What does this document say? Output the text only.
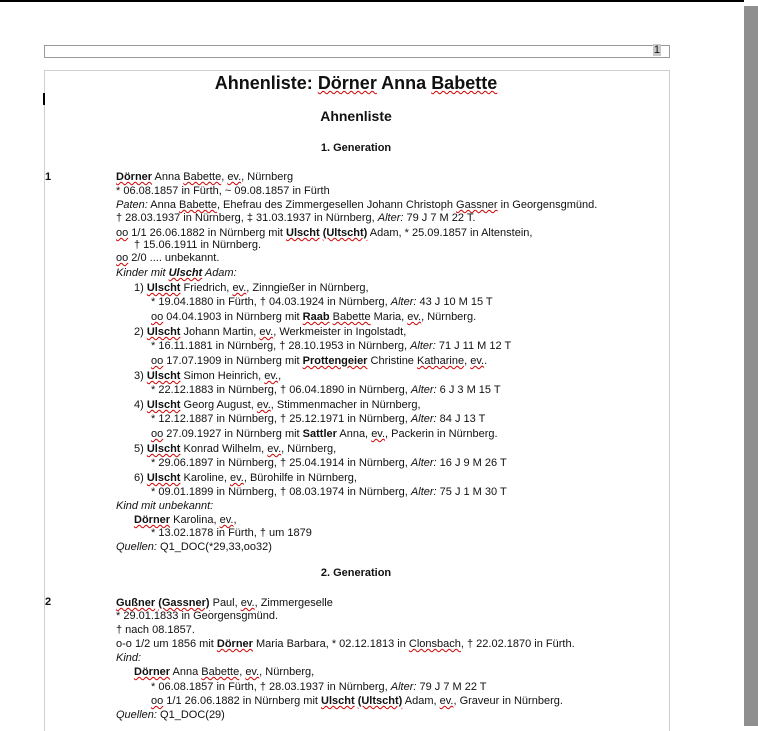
1
Ahnenliste: Dörner Anna Babette
Ahnenliste
1. Generation
1	Dörner Anna Babette, ev., Nürnberg
* 06.08.1857 in Fürth, ~ 09.08.1857 in Fürth
Paten: Anna Babette, Ehefrau des Zimmergesellen Johann Christoph Gassner in Georgensgmünd.
† 28.03.1937 in Nürnberg, ‡ 31.03.1937 in Nürnberg, Alter: 79 J 7 M 22 T.
oo 1/1 26.06.1882 in Nürnberg mit Ulscht (Ultscht) Adam, * 25.09.1857 in Altenstein,
† 15.06.1911 in Nürnberg.
oo 2/0 .... unbekannt.
Kinder mit Ulscht Adam:
1) Ulscht Friedrich, ev., Zinngießer in Nürnberg,
* 19.04.1880 in Fürth, † 04.03.1924 in Nürnberg, Alter: 43 J 10 M 15 T
oo 04.04.1903 in Nürnberg mit Raab Babette Maria, ev., Nürnberg.
2) Ulscht Johann Martin, ev., Werkmeister in Ingolstadt,
* 16.11.1881 in Nürnberg, † 28.10.1953 in Nürnberg, Alter: 71 J 11 M 12 T
oo 17.07.1909 in Nürnberg mit Prottengeier Christine Katharine, ev..
3) Ulscht Simon Heinrich, ev.,
* 22.12.1883 in Nürnberg, † 06.04.1890 in Nürnberg, Alter: 6 J 3 M 15 T
4) Ulscht Georg August, ev., Stimmenmacher in Nürnberg,
* 12.12.1887 in Nürnberg, † 25.12.1971 in Nürnberg, Alter: 84 J 13 T
oo 27.09.1927 in Nürnberg mit Sattler Anna, ev., Packerin in Nürnberg.
5) Ulscht Konrad Wilhelm, ev., Nürnberg,
* 29.06.1897 in Nürnberg, † 25.04.1914 in Nürnberg, Alter: 16 J 9 M 26 T
6) Ulscht Karoline, ev., Bürohilfe in Nürnberg,
* 09.01.1899 in Nürnberg, † 08.03.1974 in Nürnberg, Alter: 75 J 1 M 30 T
Kind mit unbekannt:
Dörner Karolina, ev.,
* 13.02.1878 in Fürth, † um 1879
Quellen: Q1_DOC(*29,33,oo32)
2. Generation
2	Gußner (Gassner) Paul, ev., Zimmergeselle
* 29.01.1833 in Georgensgmünd.
† nach 08.1857.
o-o 1/2 um 1856 mit Dörner Maria Barbara, * 02.12.1813 in Clonsbach, † 22.02.1870 in Fürth.
Kind:
Dörner Anna Babette, ev., Nürnberg,
* 06.08.1857 in Fürth, † 28.03.1937 in Nürnberg, Alter: 79 J 7 M 22 T
oo 1/1 26.06.1882 in Nürnberg mit Ulscht (Ultscht) Adam, ev., Graveur in Nürnberg.
Quellen: Q1_DOC(29)
